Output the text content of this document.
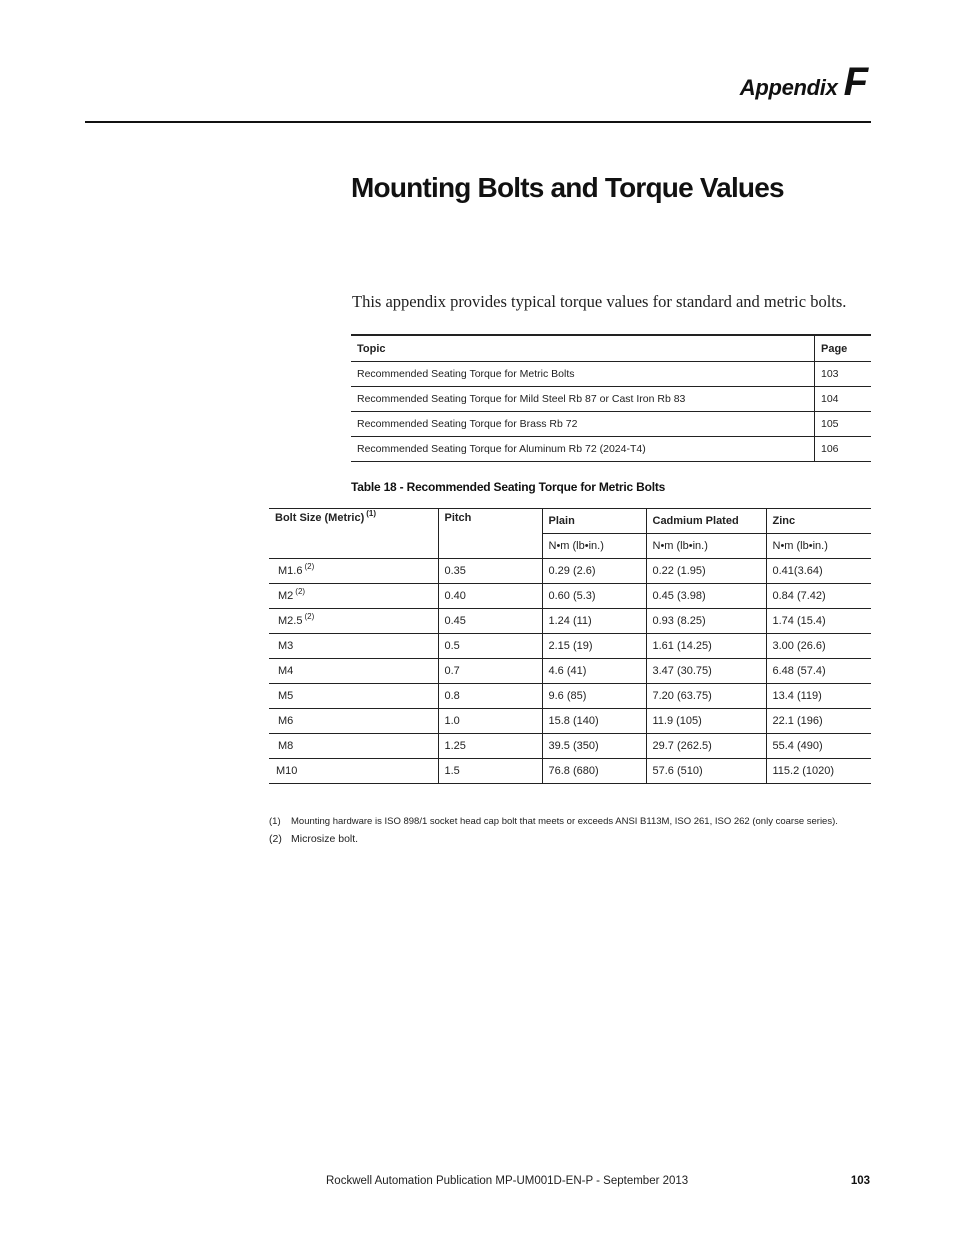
Appendix F
Mounting Bolts and Torque Values

This appendix provides typical torque values for standard and metric bolts.

Topic	Page
Recommended Seating Torque for Metric Bolts	103
Recommended Seating Torque for Mild Steel Rb 87 or Cast Iron Rb 83	104
Recommended Seating Torque for Brass Rb 72	105
Recommended Seating Torque for Aluminum Rb 72 (2024-T4)	106

Table 18 - Recommended Seating Torque for Metric Bolts

Bolt Size (Metric) $^{(1)}$	Pitch	Plain	Cadmium Plated	Zinc
		N•m (lb•in.)	N•m (lb•in.)	N•m (lb•in.)
M1.6 $^{(2)}$	0.35	0.29 (2.6)	0.22 (1.95)	0.41(3.64)
M2 $^{(2)}$	0.40	0.60 (5.3)	0.45 (3.98)	0.84 (7.42)
M2.5 $^{(2)}$	0.45	1.24 (11)	0.93 (8.25)	1.74 (15.4)
M3	0.5	2.15 (19)	1.61 (14.25)	3.00 (26.6)
M4	0.7	4.6 (41)	3.47 (30.75)	6.48 (57.4)
M5	0.8	9.6 (85)	7.20 (63.75)	13.4 (119)
M6	1.0	15.8 (140)	11.9 (105)	22.1 (196)
M8	1.25	39.5 (350)	29.7 (262.5)	55.4 (490)
M10	1.5	76.8 (680)	57.6 (510)	115.2 (1020)
(1)	Mounting hardware is ISO 898/1 socket head cap bolt that meets or exceeds ANSI B113M, ISO 261, ISO 262 (only coarse series).
(2) Microsize bolt.
Rockwell Automation Publication MP-UM001D-EN-P - September 2013	103
